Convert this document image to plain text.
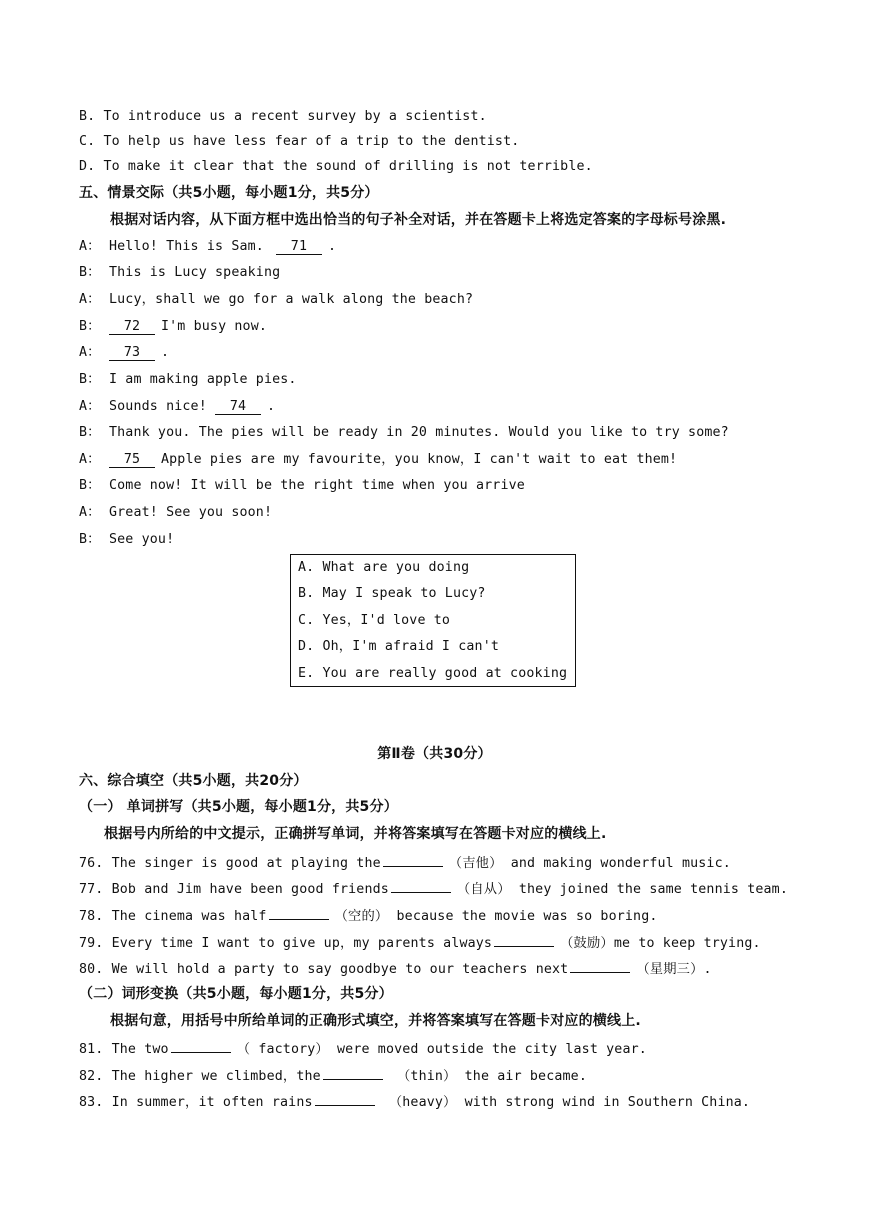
B. To introduce us a recent survey by a scientist.
C. To help us have less fear of a trip to the dentist.
D. To make it clear that the sound of drilling is not terrible.
五、情景交际（共5小题，每小题1分，共5分）
根据对话内容，从下面方框中选出恰当的句子补全对话，并在答题卡上将选定答案的字母标号涂黑.
A： Hello! This is Sam. 71 .
B： This is Lucy speaking
A： Lucy，shall we go for a walk along the beach?
B： 72 I'm busy now.
A： 73 .
B： I am making apple pies.
A： Sounds nice! 74 .
B： Thank you. The pies will be ready in 20 minutes. Would you like to try some?
A： 75 Apple pies are my favourite，you know，I can't wait to eat them!
B： Come now! It will be the right time when you arrive
A： Great! See you soon!
B： See you!
A. What are you doing
B. May I speak to Lucy?
C. Yes，I'd love to
D. Oh，I'm afraid I can't
E. You are really good at cooking
第Ⅱ卷（共30分）
六、综合填空（共5小题，共20分）
（一） 单词拼写（共5小题，每小题1分，共5分）
根据号内所给的中文提示，正确拼写单词，并将答案填写在答题卡对应的横线上.
76. The singer is good at playing the	（吉他） and making wonderful music.
77. Bob and Jim have been good friends	（自从） they joined the same tennis team.
78. The cinema was half	（空的） because the movie was so boring.
79. Every time I want to give up，my parents always	（鼓励）me to keep trying.
80. We will hold a party to say goodbye to our teachers next	（星期三）.
（二）词形变换（共5小题，每小题1分，共5分）
根据句意，用括号中所给单词的正确形式填空，并将答案填写在答题卡对应的横线上.
81. The two	（ factory） were moved outside the city last year.
82. The higher we climbed，the	（thin） the air became.
83. In summer，it often rains	（heavy） with strong wind in Southern China.
